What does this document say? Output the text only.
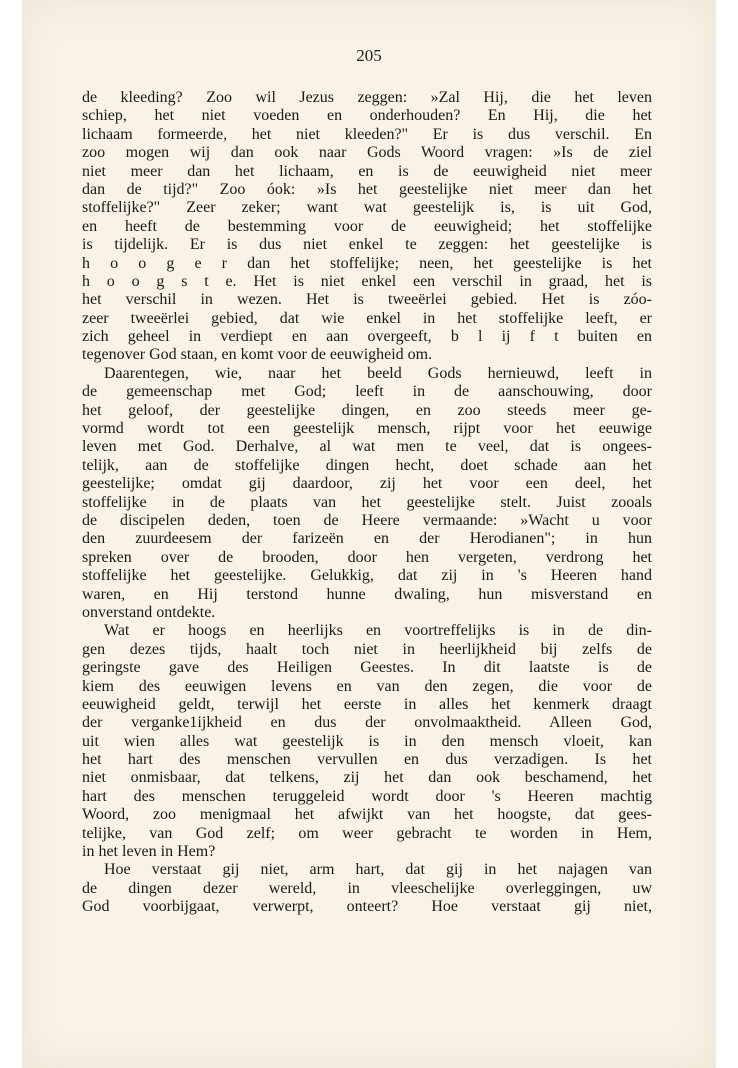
205
de kleeding? Zoo wil Jezus zeggen: »Zal Hij, die het leven
schiep, het niet voeden en onderhouden? En Hij, die het
lichaam formeerde, het niet kleeden?" Er is dus verschil. En
zoo mogen wij dan ook naar Gods Woord vragen: »Is de ziel
niet meer dan het lichaam, en is de eeuwigheid niet meer
dan de tijd?" Zoo óok: »Is het geestelijke niet meer dan het
stoffelijke?" Zeer zeker; want wat geestelijk is, is uit God,
en heeft de bestemming voor de eeuwigheid; het stoffelijke
is tijdelijk. Er is dus niet enkel te zeggen: het geestelijke is
h o o g e r dan het stoffelijke; neen, het geestelijke is het
h o o g s t e. Het is niet enkel een verschil in graad, het is
het verschil in wezen. Het is tweeërlei gebied. Het is zóo-
zeer tweeërlei gebied, dat wie enkel in het stoffelijke leeft, er
zich geheel in verdiept en aan overgeeft, b l ij f t buiten en
tegenover God staan, en komt voor de eeuwigheid om.
Daarentegen, wie, naar het beeld Gods hernieuwd, leeft in
de gemeenschap met God; leeft in de aanschouwing, door
het geloof, der geestelijke dingen, en zoo steeds meer ge-
vormd wordt tot een geestelijk mensch, rijpt voor het eeuwige
leven met God. Derhalve, al wat men te veel, dat is ongees-
telijk, aan de stoffelijke dingen hecht, doet schade aan het
geestelijke; omdat gij daardoor, zij het voor een deel, het
stoffelijke in de plaats van het geestelijke stelt. Juist zooals
de discipelen deden, toen de Heere vermaande: »Wacht u voor
den zuurdeesem der farizeën en der Herodianen"; in hun
spreken over de brooden, door hen vergeten, verdrong het
stoffelijke het geestelijke. Gelukkig, dat zij in 's Heeren hand
waren, en Hij terstond hunne dwaling, hun misverstand en
onverstand ontdekte.
Wat er hoogs en heerlijks en voortreffelijks is in de din-
gen dezes tijds, haalt toch niet in heerlijkheid bij zelfs de
geringste gave des Heiligen Geestes. In dit laatste is de
kiem des eeuwigen levens en van den zegen, die voor de
eeuwigheid geldt, terwijl het eerste in alles het kenmerk draagt
der verganke1ijkheid en dus der onvolmaaktheid. Alleen God,
uit wien alles wat geestelijk is in den mensch vloeit, kan
het hart des menschen vervullen en dus verzadigen. Is het
niet onmisbaar, dat telkens, zij het dan ook beschamend, het
hart des menschen teruggeleid wordt door 's Heeren machtig
Woord, zoo menigmaal het afwijkt van het hoogste, dat gees-
telijke, van God zelf; om weer gebracht te worden in Hem,
in het leven in Hem?
Hoe verstaat gij niet, arm hart, dat gij in het najagen van
de dingen dezer wereld, in vleeschelijke overleggingen, uw
God voorbijgaat, verwerpt, onteert? Hoe verstaat gij niet,
